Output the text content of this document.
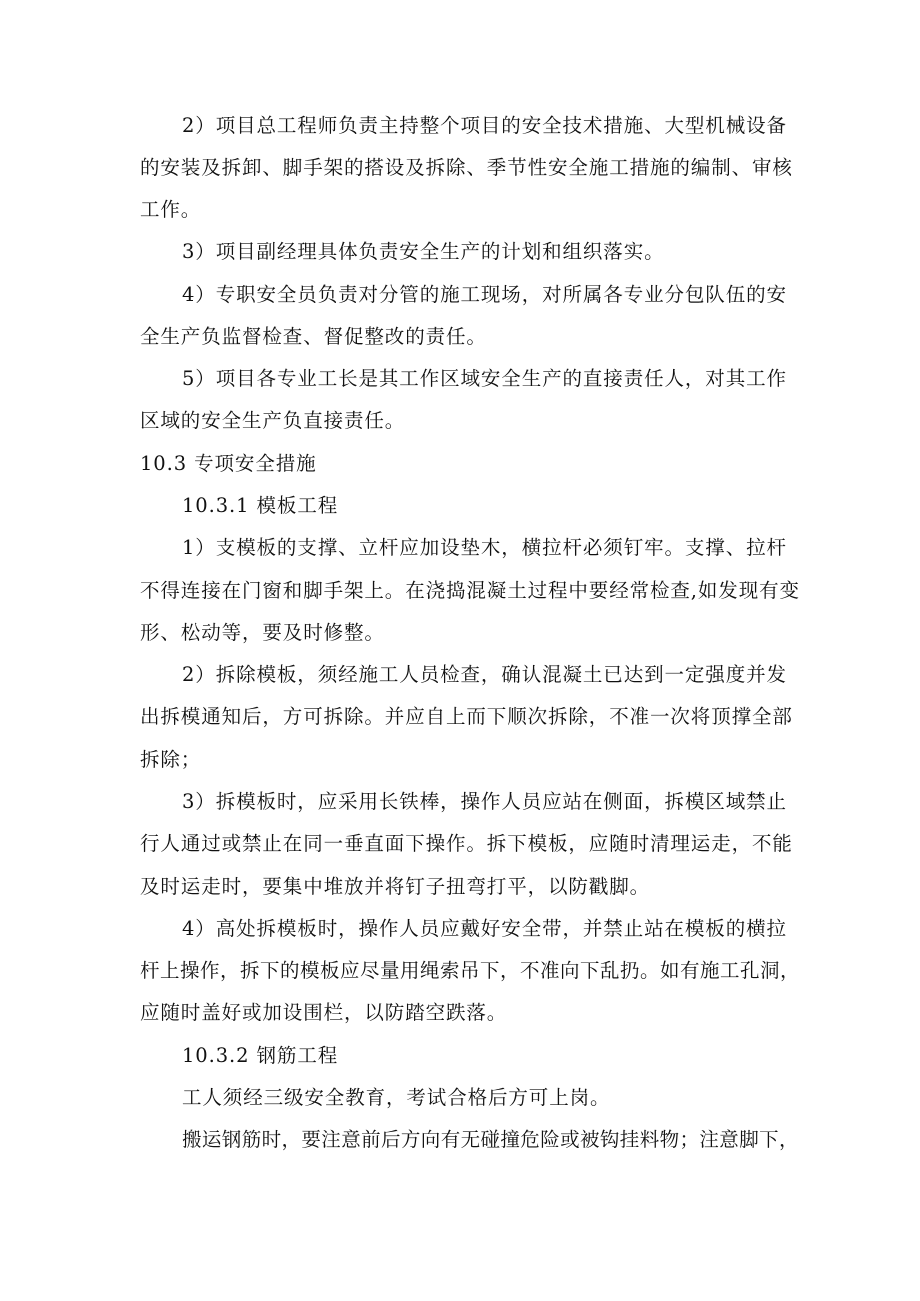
2）项目总工程师负责主持整个项目的安全技术措施、大型机械设备
的安装及拆卸、脚手架的搭设及拆除、季节性安全施工措施的编制、审核
工作。
3）项目副经理具体负责安全生产的计划和组织落实。
4）专职安全员负责对分管的施工现场，对所属各专业分包队伍的安
全生产负监督检查、督促整改的责任。
5）项目各专业工长是其工作区域安全生产的直接责任人，对其工作
区域的安全生产负直接责任。
10.3 专项安全措施
10.3.1 模板工程
1）支模板的支撑、立杆应加设垫木，横拉杆必须钉牢。支撑、拉杆
不得连接在门窗和脚手架上。在浇捣混凝土过程中要经常检查,如发现有变
形、松动等，要及时修整。
2）拆除模板，须经施工人员检查，确认混凝土已达到一定强度并发
出拆模通知后，方可拆除。并应自上而下顺次拆除，不准一次将顶撑全部
拆除；
3）拆模板时，应采用长铁棒，操作人员应站在侧面，拆模区域禁止
行人通过或禁止在同一垂直面下操作。拆下模板，应随时清理运走，不能
及时运走时，要集中堆放并将钉子扭弯打平，以防戳脚。
4）高处拆模板时，操作人员应戴好安全带，并禁止站在模板的横拉
杆上操作，拆下的模板应尽量用绳索吊下，不准向下乱扔。如有施工孔洞，
应随时盖好或加设围栏，以防踏空跌落。
10.3.2 钢筋工程
工人须经三级安全教育，考试合格后方可上岗。
搬运钢筋时，要注意前后方向有无碰撞危险或被钩挂料物；注意脚下，
